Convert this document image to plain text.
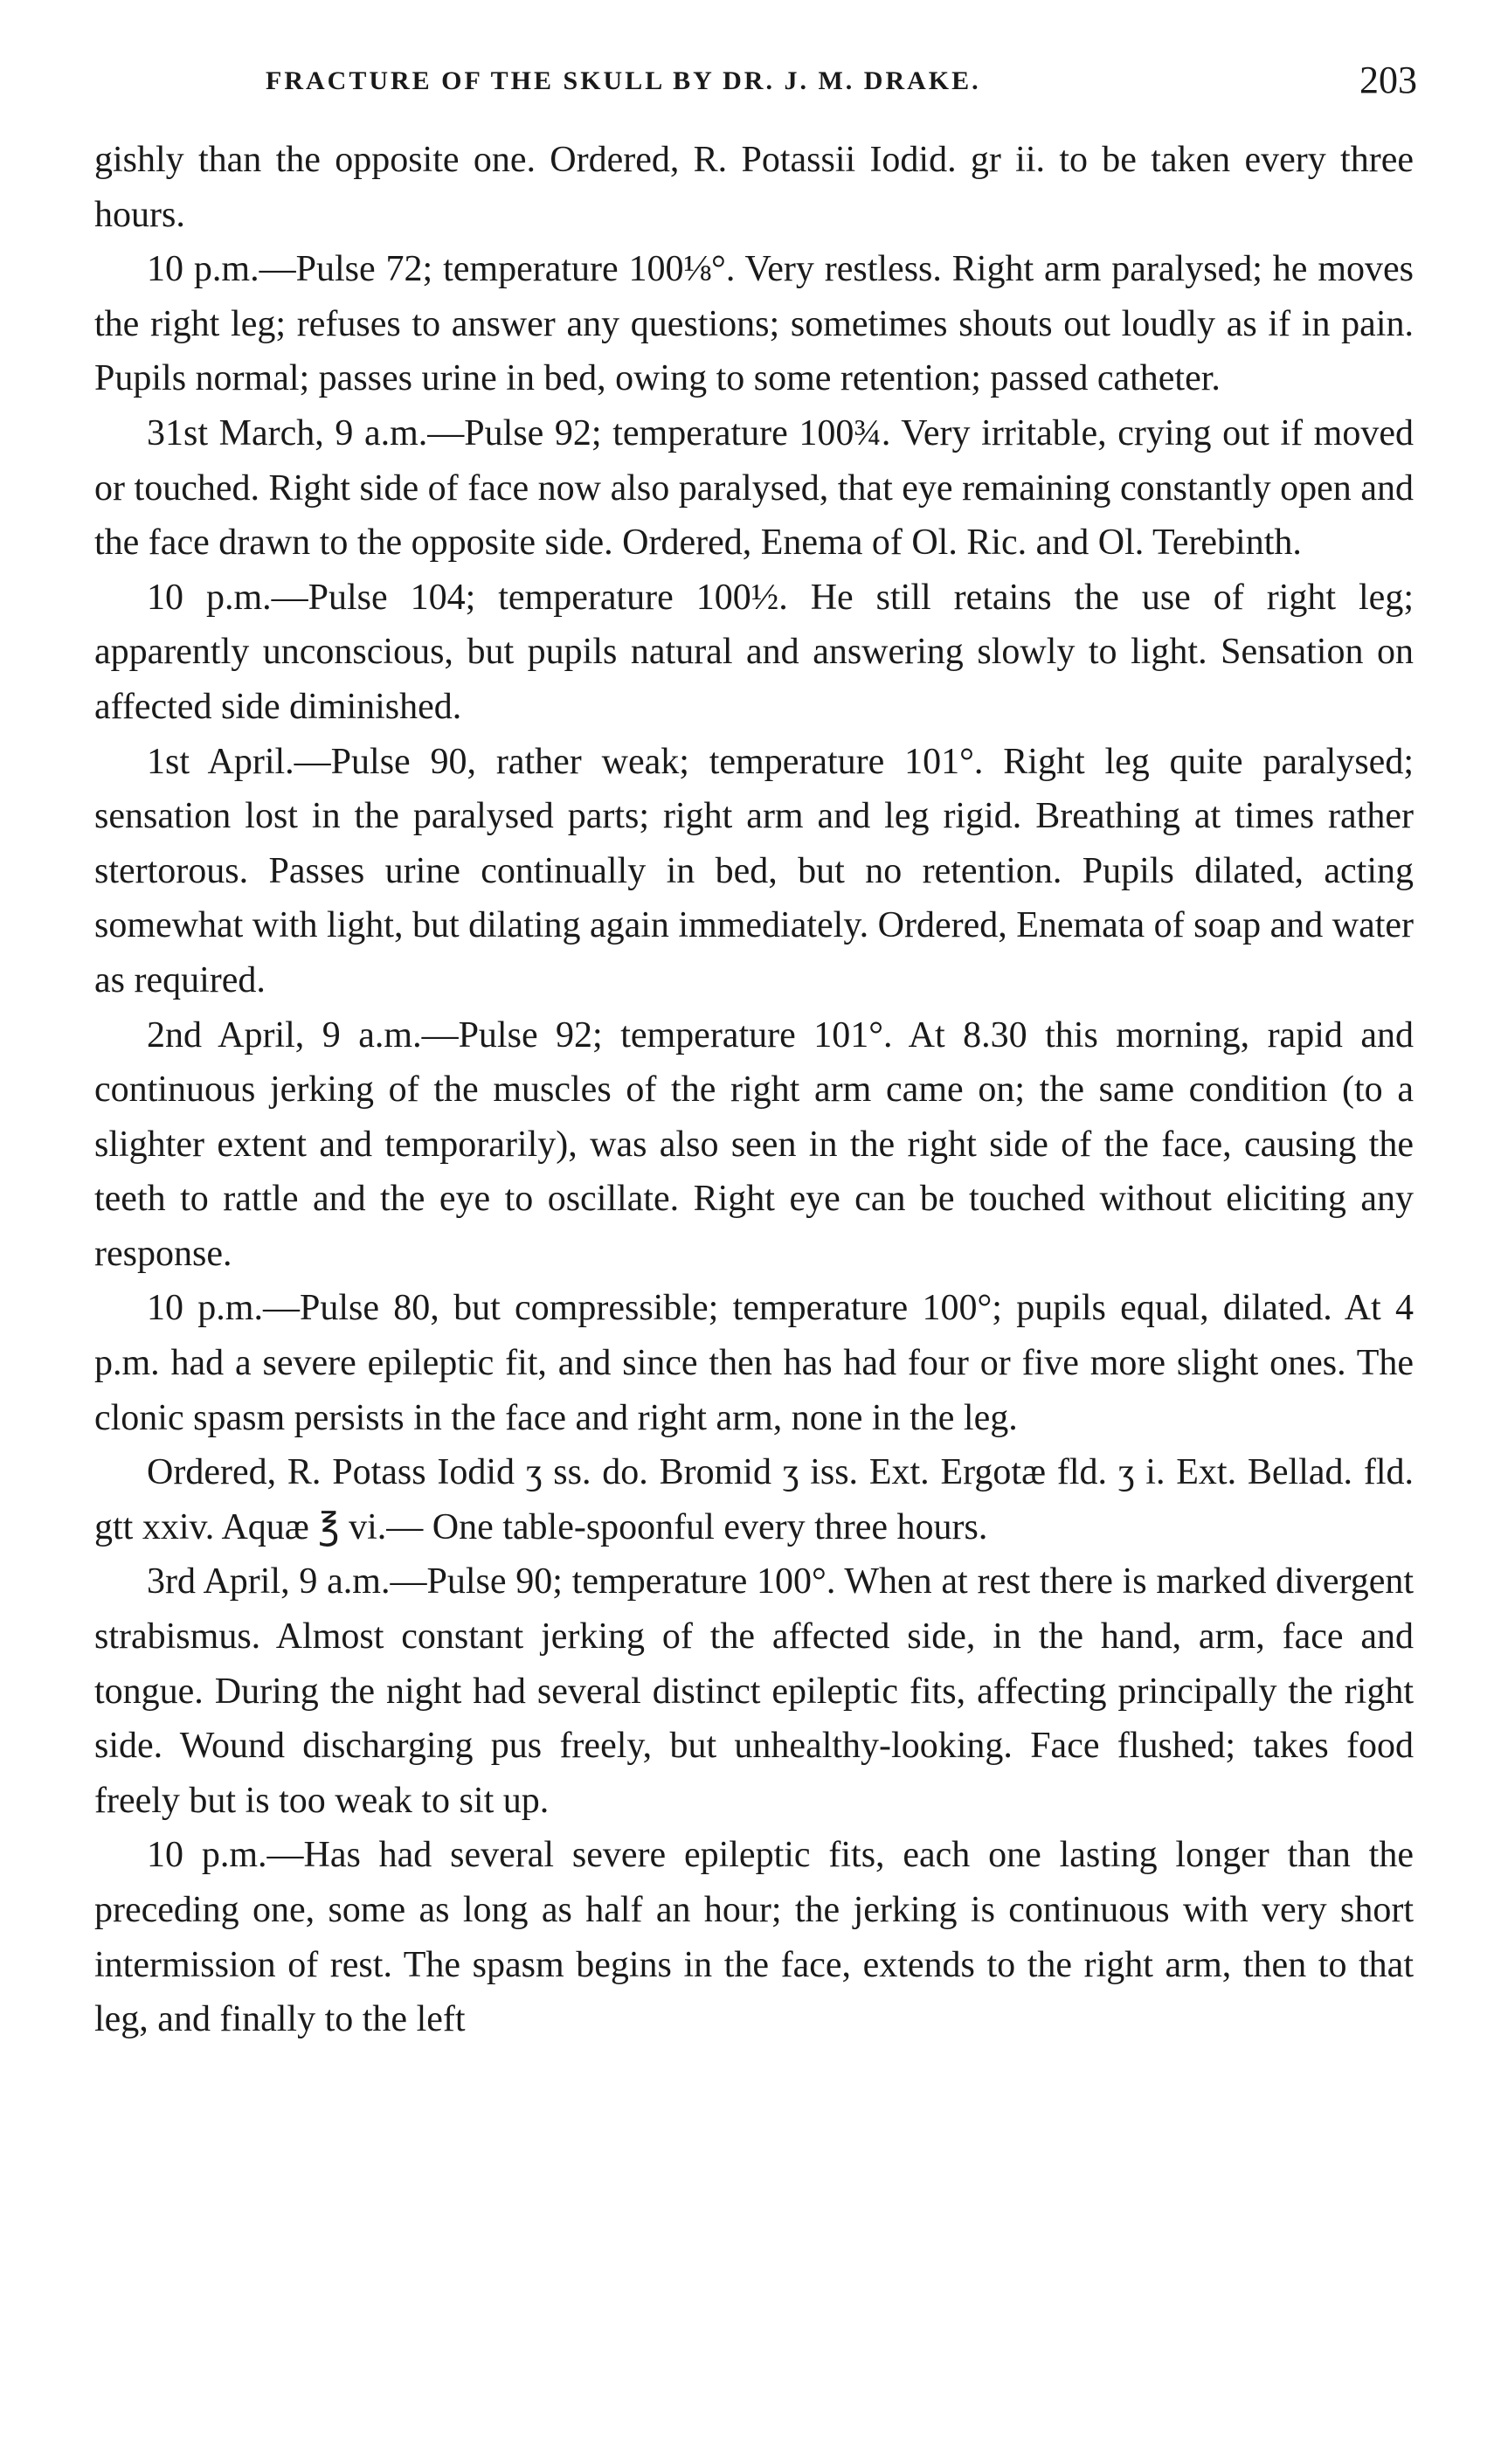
FRACTURE OF THE SKULL BY DR. J. M. DRAKE.	203

gishly than the opposite one. Ordered, R. Potassii Iodid. gr ii. to be taken every three hours.

10 p.m.—Pulse 72; temperature 100⅛°. Very restless. Right arm paralysed; he moves the right leg; refuses to answer any questions; sometimes shouts out loudly as if in pain. Pupils normal; passes urine in bed, owing to some retention; passed catheter.

31st March, 9 a.m.—Pulse 92; temperature 100¾. Very irritable, crying out if moved or touched. Right side of face now also paralysed, that eye remaining constantly open and the face drawn to the opposite side. Ordered, Enema of Ol. Ric. and Ol. Terebinth.

10 p.m.—Pulse 104; temperature 100½. He still retains the use of right leg; apparently unconscious, but pupils natural and answering slowly to light. Sensation on affected side diminished.

1st April.—Pulse 90, rather weak; temperature 101°. Right leg quite paralysed; sensation lost in the paralysed parts; right arm and leg rigid. Breathing at times rather stertorous. Passes urine continually in bed, but no retention. Pupils dilated, acting somewhat with light, but dilating again immediately. Ordered, Enemata of soap and water as required.

2nd April, 9 a.m.—Pulse 92; temperature 101°. At 8.30 this morning, rapid and continuous jerking of the muscles of the right arm came on; the same condition (to a slighter extent and temporarily), was also seen in the right side of the face, causing the teeth to rattle and the eye to oscillate. Right eye can be touched without eliciting any response.

10 p.m.—Pulse 80, but compressible; temperature 100°; pupils equal, dilated. At 4 p.m. had a severe epileptic fit, and since then has had four or five more slight ones. The clonic spasm persists in the face and right arm, none in the leg.

Ordered, R. Potass Iodid ʒ ss. do. Bromid ʒ iss. Ext. Ergotæ fld. ʒ i. Ext. Bellad. fld. gtt xxiv. Aquæ ℥ vi.— One table-spoonful every three hours.

3rd April, 9 a.m.—Pulse 90; temperature 100°. When at rest there is marked divergent strabismus. Almost constant jerking of the affected side, in the hand, arm, face and tongue. During the night had several distinct epileptic fits, affecting principally the right side. Wound discharging pus freely, but unhealthy-looking. Face flushed; takes food freely but is too weak to sit up.

10 p.m.—Has had several severe epileptic fits, each one lasting longer than the preceding one, some as long as half an hour; the jerking is continuous with very short intermission of rest. The spasm begins in the face, extends to the right arm, then to that leg, and finally to the left
